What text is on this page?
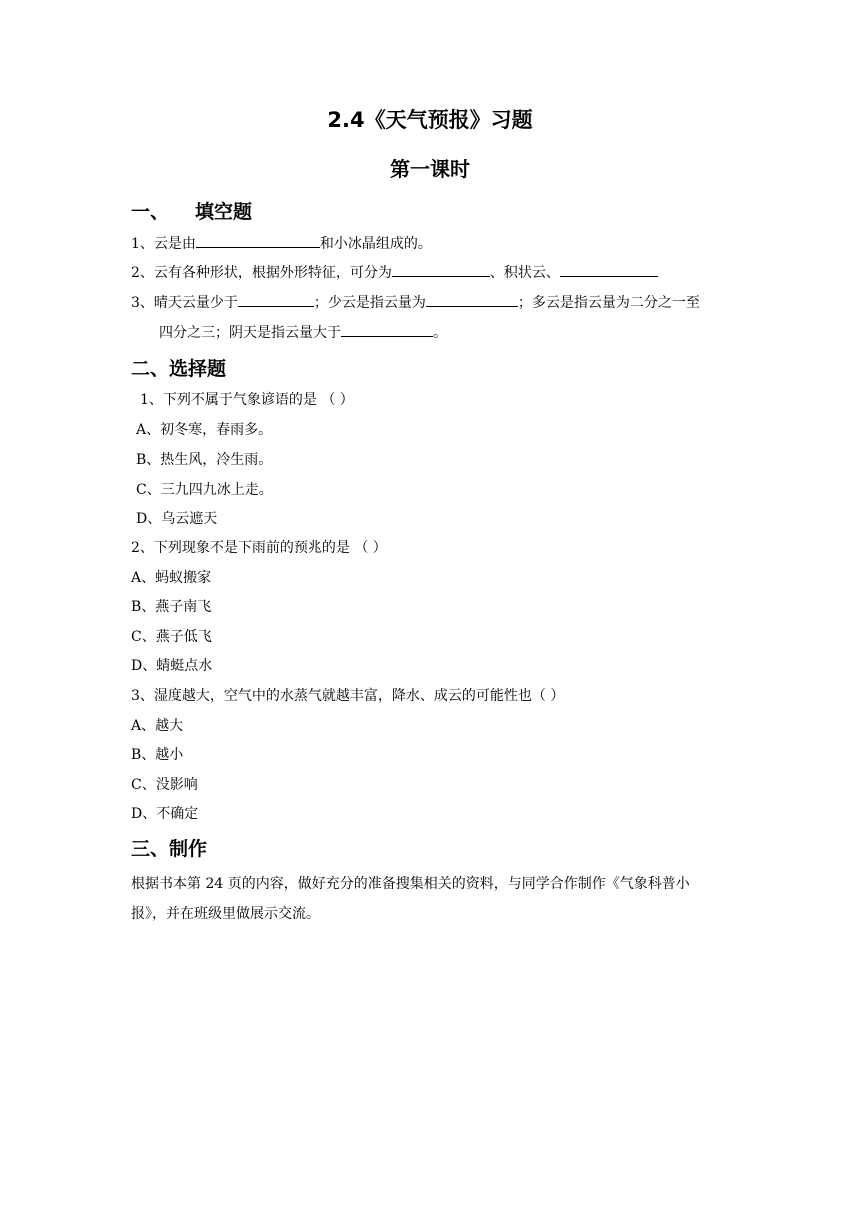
2.4《天气预报》习题
第一课时
一、 填空题
1、云是由	和小冰晶组成的。
2、云有各种形状，根据外形特征，可分为	、积状云、
3、晴天云量少于	；少云是指云量为	；多云是指云量为二分之一至
四分之三；阴天是指云量大于	。
二、选择题
1、下列不属于气象谚语的是 （ ）
A、初冬寒，春雨多。
B、热生风，冷生雨。
C、三九四九冰上走。
D、乌云遮天
2、下列现象不是下雨前的预兆的是 （ ）
A、蚂蚁搬家
B、燕子南飞
C、燕子低飞
D、蜻蜓点水
3、湿度越大，空气中的水蒸气就越丰富，降水、成云的可能性也（ ）
A、越大
B、越小
C、没影响
D、不确定
三、制作
根据书本第 24 页的内容，做好充分的准备搜集相关的资料，与同学合作制作《气象科普小
报》，并在班级里做展示交流。
